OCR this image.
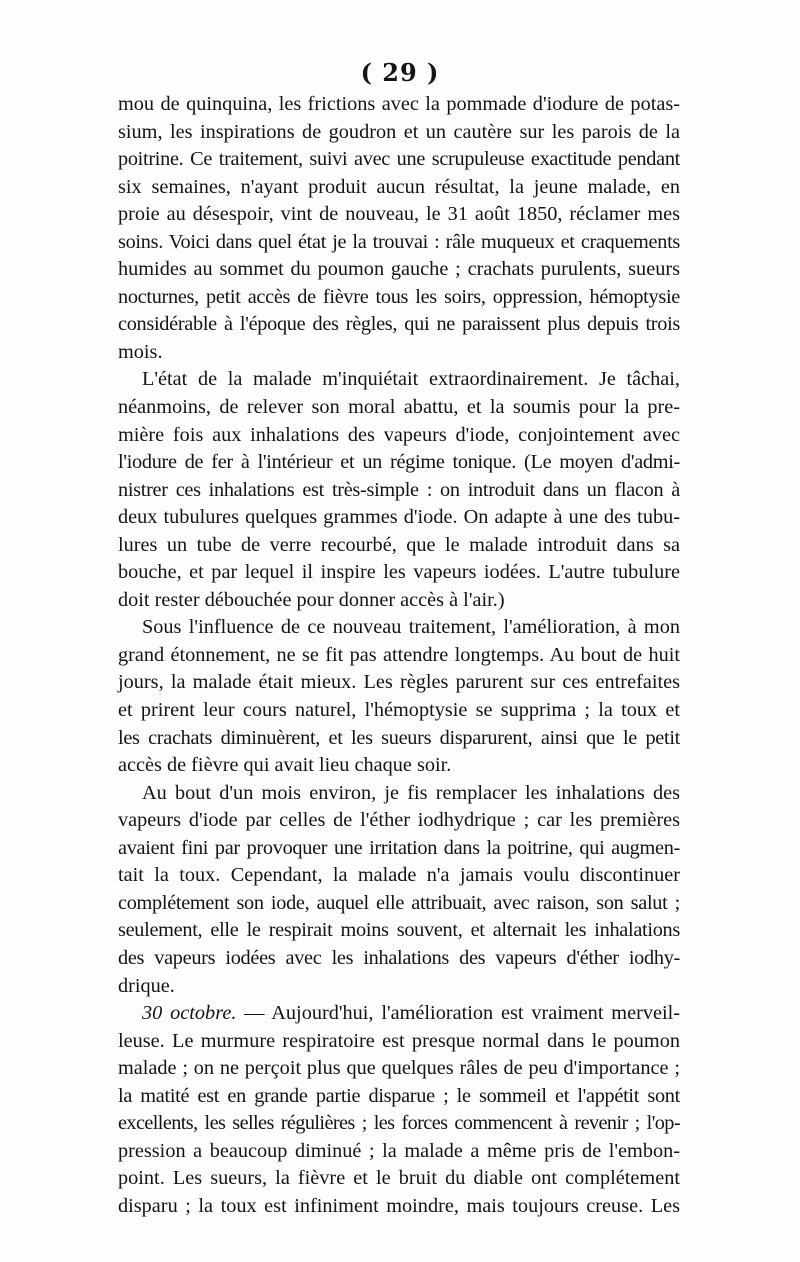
( 29 )
mou de quinquina, les frictions avec la pommade d'iodure de potas-
sium, les inspirations de goudron et un cautère sur les parois de la
poitrine. Ce traitement, suivi avec une scrupuleuse exactitude pendant
six semaines, n'ayant produit aucun résultat, la jeune malade, en
proie au désespoir, vint de nouveau, le 31 août 1850, réclamer mes
soins. Voici dans quel état je la trouvai : râle muqueux et craquements
humides au sommet du poumon gauche ; crachats purulents, sueurs
nocturnes, petit accès de fièvre tous les soirs, oppression, hémoptysie
considérable à l'époque des règles, qui ne paraissent plus depuis trois
mois.
L'état de la malade m'inquiétait extraordinairement. Je tâchai,
néanmoins, de relever son moral abattu, et la soumis pour la pre-
mière fois aux inhalations des vapeurs d'iode, conjointement avec
l'iodure de fer à l'intérieur et un régime tonique. (Le moyen d'admi-
nistrer ces inhalations est très-simple : on introduit dans un flacon à
deux tubulures quelques grammes d'iode. On adapte à une des tubu-
lures un tube de verre recourbé, que le malade introduit dans sa
bouche, et par lequel il inspire les vapeurs iodées. L'autre tubulure
doit rester débouchée pour donner accès à l'air.)
Sous l'influence de ce nouveau traitement, l'amélioration, à mon
grand étonnement, ne se fit pas attendre longtemps. Au bout de huit
jours, la malade était mieux. Les règles parurent sur ces entrefaites
et prirent leur cours naturel, l'hémoptysie se supprima ; la toux et
les crachats diminuèrent, et les sueurs disparurent, ainsi que le petit
accès de fièvre qui avait lieu chaque soir.
Au bout d'un mois environ, je fis remplacer les inhalations des
vapeurs d'iode par celles de l'éther iodhydrique ; car les premières
avaient fini par provoquer une irritation dans la poitrine, qui augmen-
tait la toux. Cependant, la malade n'a jamais voulu discontinuer
complétement son iode, auquel elle attribuait, avec raison, son salut ;
seulement, elle le respirait moins souvent, et alternait les inhalations
des vapeurs iodées avec les inhalations des vapeurs d'éther iodhy-
drique.
30 octobre. — Aujourd'hui, l'amélioration est vraiment merveil-
leuse. Le murmure respiratoire est presque normal dans le poumon
malade ; on ne perçoit plus que quelques râles de peu d'importance ;
la matité est en grande partie disparue ; le sommeil et l'appétit sont
excellents, les selles régulières ; les forces commencent à revenir ; l'op-
pression a beaucoup diminué ; la malade a même pris de l'embon-
point. Les sueurs, la fièvre et le bruit du diable ont complétement
disparu ; la toux est infiniment moindre, mais toujours creuse. Les
